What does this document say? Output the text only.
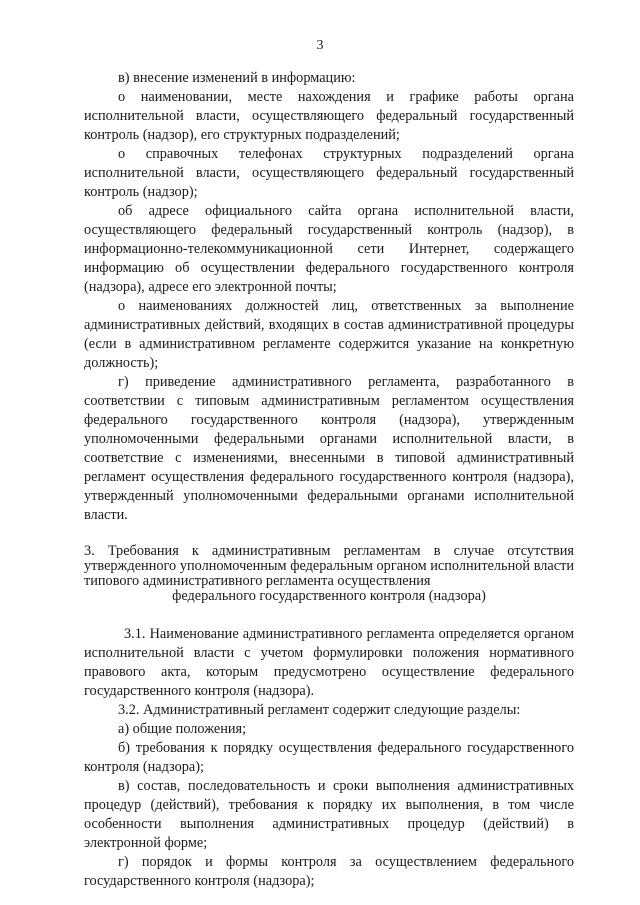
3

в) внесение изменений в информацию:

о наименовании, месте нахождения и графике работы органа исполнительной власти, осуществляющего федеральный государственный контроль (надзор), его структурных подразделений;

о справочных телефонах структурных подразделений органа исполнительной власти, осуществляющего федеральный государственный контроль (надзор);

об адресе официального сайта органа исполнительной власти, осуществляющего федеральный государственный контроль (надзор), в информационно-телекоммуникационной сети Интернет, содержащего информацию об осуществлении федерального государственного контроля (надзора), адресе его электронной почты;

о наименованиях должностей лиц, ответственных за выполнение административных действий, входящих в состав административной процедуры (если в административном регламенте содержится указание на конкретную должность);

г) приведение административного регламента, разработанного в соответствии с типовым административным регламентом осуществления федерального государственного контроля (надзора), утвержденным уполномоченными федеральными органами исполнительной власти, в соответствие с изменениями, внесенными в типовой административный регламент осуществления федерального государственного контроля (надзора), утвержденный уполномоченными федеральными органами исполнительной власти.

3. Требования к административным регламентам в случае отсутствия утвержденного уполномоченным федеральным органом исполнительной власти типового административного регламента осуществления
федерального государственного контроля (надзора)

3.1. Наименование административного регламента определяется органом исполнительной власти с учетом формулировки положения нормативного правового акта, которым предусмотрено осуществление федерального государственного контроля (надзора).

3.2. Административный регламент содержит следующие разделы:

а) общие положения;

б) требования к порядку осуществления федерального государственного контроля (надзора);

в) состав, последовательность и сроки выполнения административных процедур (действий), требования к порядку их выполнения, в том числе особенности выполнения административных процедур (действий) в электронной форме;

г) порядок и формы контроля за осуществлением федерального государственного контроля (надзора);
